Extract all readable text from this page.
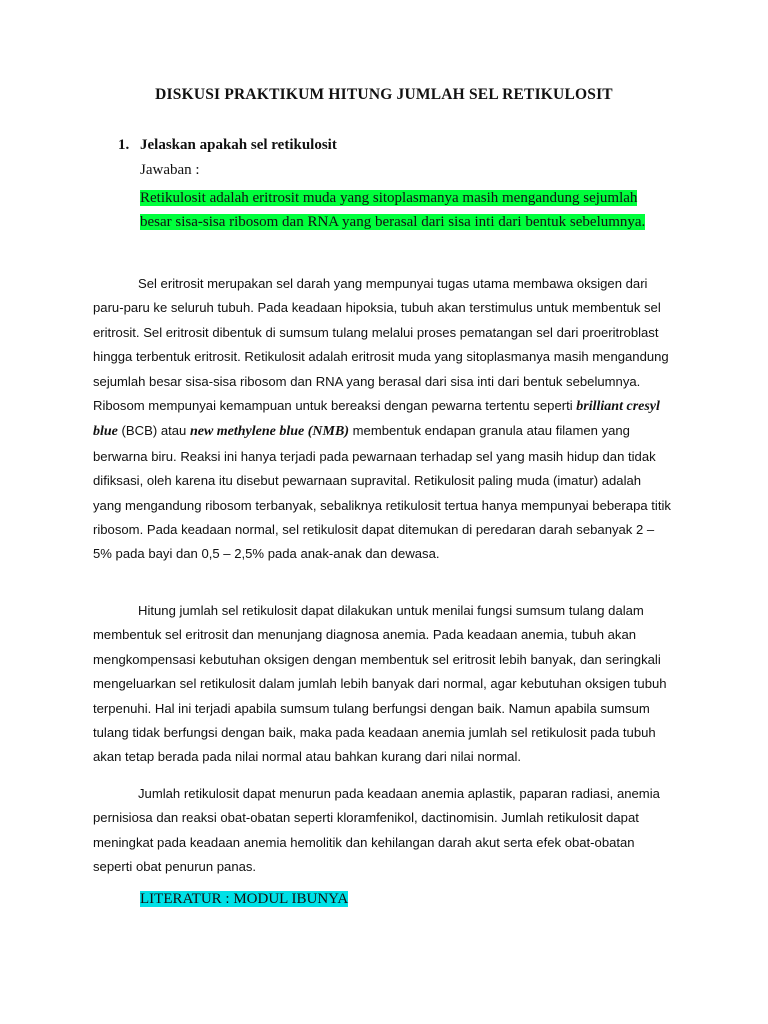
DISKUSI PRAKTIKUM HITUNG JUMLAH SEL RETIKULOSIT
1. Jelaskan apakah sel retikulosit
Jawaban :
Retikulosit adalah eritrosit muda yang sitoplasmanya masih mengandung sejumlah
besar sisa-sisa ribosom dan RNA yang berasal dari sisa inti dari bentuk sebelumnya.
Sel eritrosit merupakan sel darah yang mempunyai tugas utama membawa oksigen dari paru-paru ke seluruh tubuh. Pada keadaan hipoksia, tubuh akan terstimulus untuk membentuk sel eritrosit. Sel eritrosit dibentuk di sumsum tulang melalui proses pematangan sel dari proeritroblast hingga terbentuk eritrosit. Retikulosit adalah eritrosit muda yang sitoplasmanya masih mengandung sejumlah besar sisa-sisa ribosom dan RNA yang berasal dari sisa inti dari bentuk sebelumnya. Ribosom mempunyai kemampuan untuk bereaksi dengan pewarna tertentu seperti brilliant cresyl blue (BCB) atau new methylene blue (NMB) membentuk endapan granula atau filamen yang berwarna biru. Reaksi ini hanya terjadi pada pewarnaan terhadap sel yang masih hidup dan tidak difiksasi, oleh karena itu disebut pewarnaan supravital. Retikulosit paling muda (imatur) adalah yang mengandung ribosom terbanyak, sebaliknya retikulosit tertua hanya mempunyai beberapa titik ribosom. Pada keadaan normal, sel retikulosit dapat ditemukan di peredaran darah sebanyak 2 – 5% pada bayi dan 0,5 – 2,5% pada anak-anak dan dewasa.
Hitung jumlah sel retikulosit dapat dilakukan untuk menilai fungsi sumsum tulang dalam membentuk sel eritrosit dan menunjang diagnosa anemia. Pada keadaan anemia, tubuh akan mengkompensasi kebutuhan oksigen dengan membentuk sel eritrosit lebih banyak, dan seringkali mengeluarkan sel retikulosit dalam jumlah lebih banyak dari normal, agar kebutuhan oksigen tubuh terpenuhi. Hal ini terjadi apabila sumsum tulang berfungsi dengan baik. Namun apabila sumsum tulang tidak berfungsi dengan baik, maka pada keadaan anemia jumlah sel retikulosit pada tubuh akan tetap berada pada nilai normal atau bahkan kurang dari nilai normal.
Jumlah retikulosit dapat menurun pada keadaan anemia aplastik, paparan radiasi, anemia pernisiosa dan reaksi obat-obatan seperti kloramfenikol, dactinomisin. Jumlah retikulosit dapat meningkat pada keadaan anemia hemolitik dan kehilangan darah akut serta efek obat-obatan seperti obat penurun panas.
LITERATUR : MODUL IBUNYA
